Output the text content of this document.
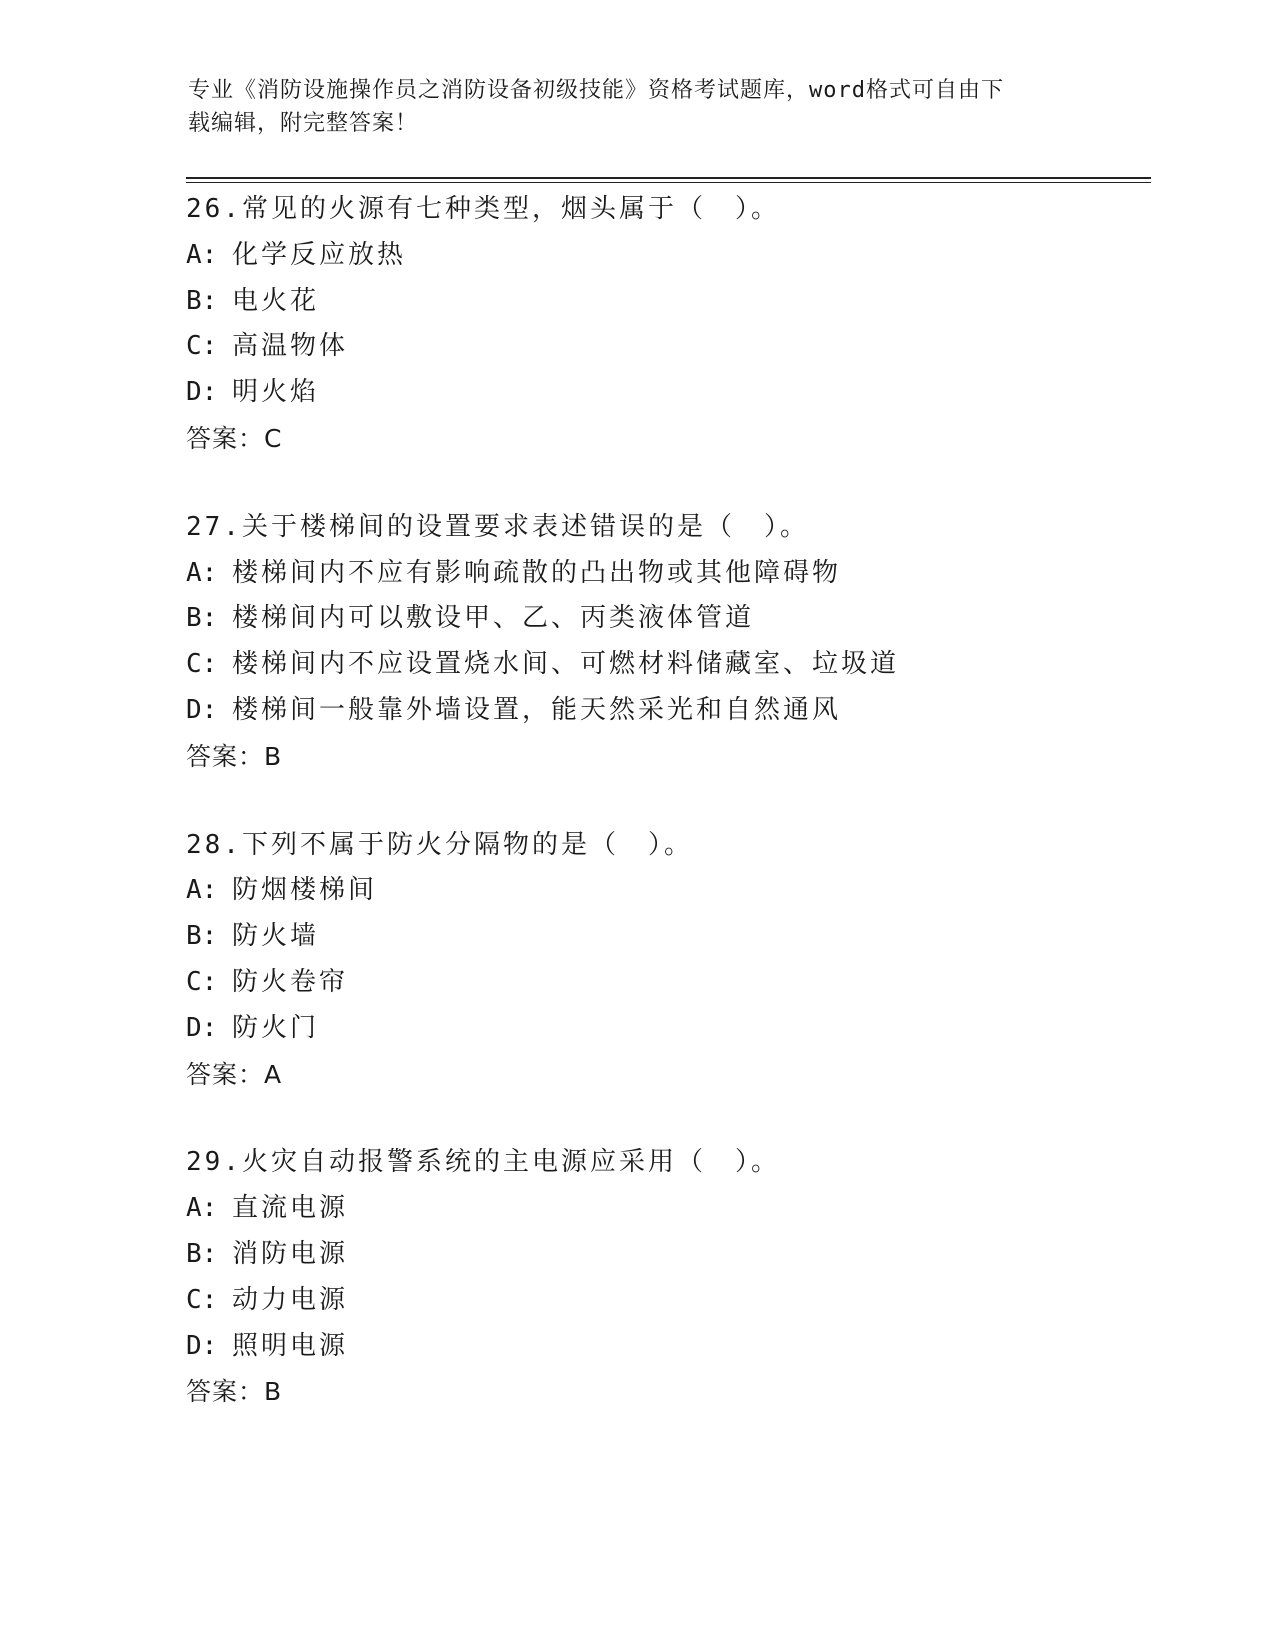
专业《消防设施操作员之消防设备初级技能》资格考试题库，word格式可自由下
载编辑，附完整答案！
26.常见的火源有七种类型，烟头属于（　）。
A: 化学反应放热
B: 电火花
C: 高温物体
D: 明火焰
答案：C
27.关于楼梯间的设置要求表述错误的是（　）。
A: 楼梯间内不应有影响疏散的凸出物或其他障碍物
B: 楼梯间内可以敷设甲、乙、丙类液体管道
C: 楼梯间内不应设置烧水间、可燃材料储藏室、垃圾道
D: 楼梯间一般靠外墙设置，能天然采光和自然通风
答案：B
28.下列不属于防火分隔物的是（　）。
A: 防烟楼梯间
B: 防火墙
C: 防火卷帘
D: 防火门
答案：A
29.火灾自动报警系统的主电源应采用（　）。
A: 直流电源
B: 消防电源
C: 动力电源
D: 照明电源
答案：B
